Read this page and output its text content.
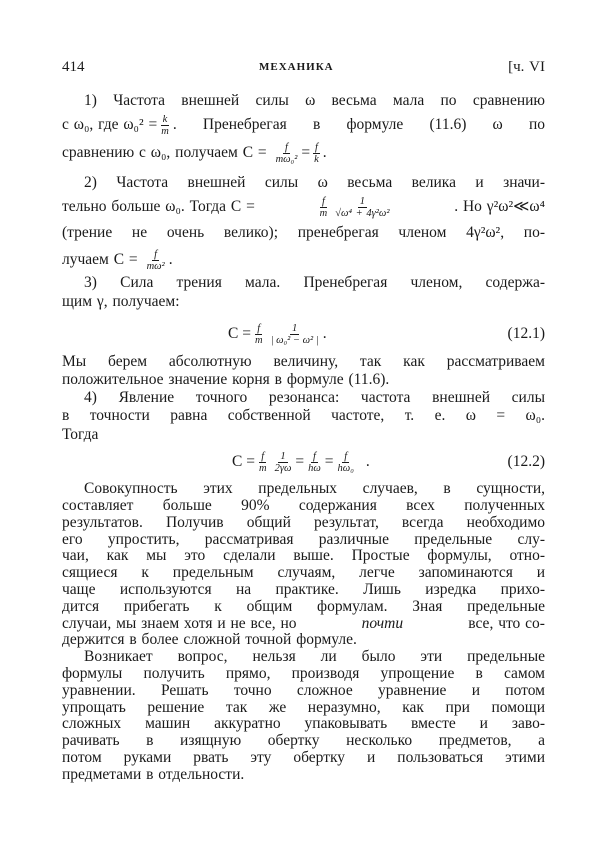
414	МЕХАНИКА	[ч. VI
1) Частота внешней силы ω весьма мала по сравнению
с ω₀, где $\omega_0^2 = \frac{k}{m}$ . Пренебрегая в формуле (11.6) ω по
сравнению с ω₀, получаем $C = \frac{f}{\text{mω₀²}} = \frac{f}{k}$ .
2) Частота внешней силы ω весьма велика и значи-
тельно больше ω₀. Тогда C =	$\frac{f}{m} \frac{1}{\text{√ω⁴ + 4γ²ω²}}$	. Но γ²ω²≪ω⁴
(трение не очень велико); пренебрегая членом 4γ²ω², по-
лучаем $C = \frac{f}{\text{mω²}}$ .
3) Сила трения мала. Пренебрегая членом, содержа-
щим γ, получаем:
$C = \frac{f}{m} \frac{1}{\text{| ω₀² − ω² |}}$ .	(12.1)
Мы берем абсолютную величину, так как рассматриваем
положительное значение корня в формуле (11.6).
4) Явление точного резонанса: частота внешней силы
в точности равна собственной частоте, т. е. ω = ω₀.
Тогда
$C = \frac{f}{m} \frac{1}{2\gamma\omega} = \frac{f}{h\omega} = \frac{f}{\text{hω₀}}$ .	(12.2)
Совокупность этих предельных случаев, в сущности,
составляет больше 90% содержания всех полученных
результатов. Получив общий результат, всегда необходимо
его упростить, рассматривая различные предельные слу-
чаи, как мы это сделали выше. Простые формулы, отно-
сящиеся к предельным случаям, легче запоминаются и
чаще используются на практике. Лишь изредка прихо-
дится прибегать к общим формулам. Зная предельные
случаи, мы знаем хотя и не все, но	почти	все, что со-
держится в более сложной точной формуле.
Возникает вопрос, нельзя ли было эти предельные
формулы получить прямо, производя упрощение в самом
уравнении. Решать точно сложное уравнение и потом
упрощать решение так же неразумно, как при помощи
сложных машин аккуратно упаковывать вместе и заво-
рачивать в изящную обертку несколько предметов, а
потом руками рвать эту обертку и пользоваться этими
предметами в отдельности.
